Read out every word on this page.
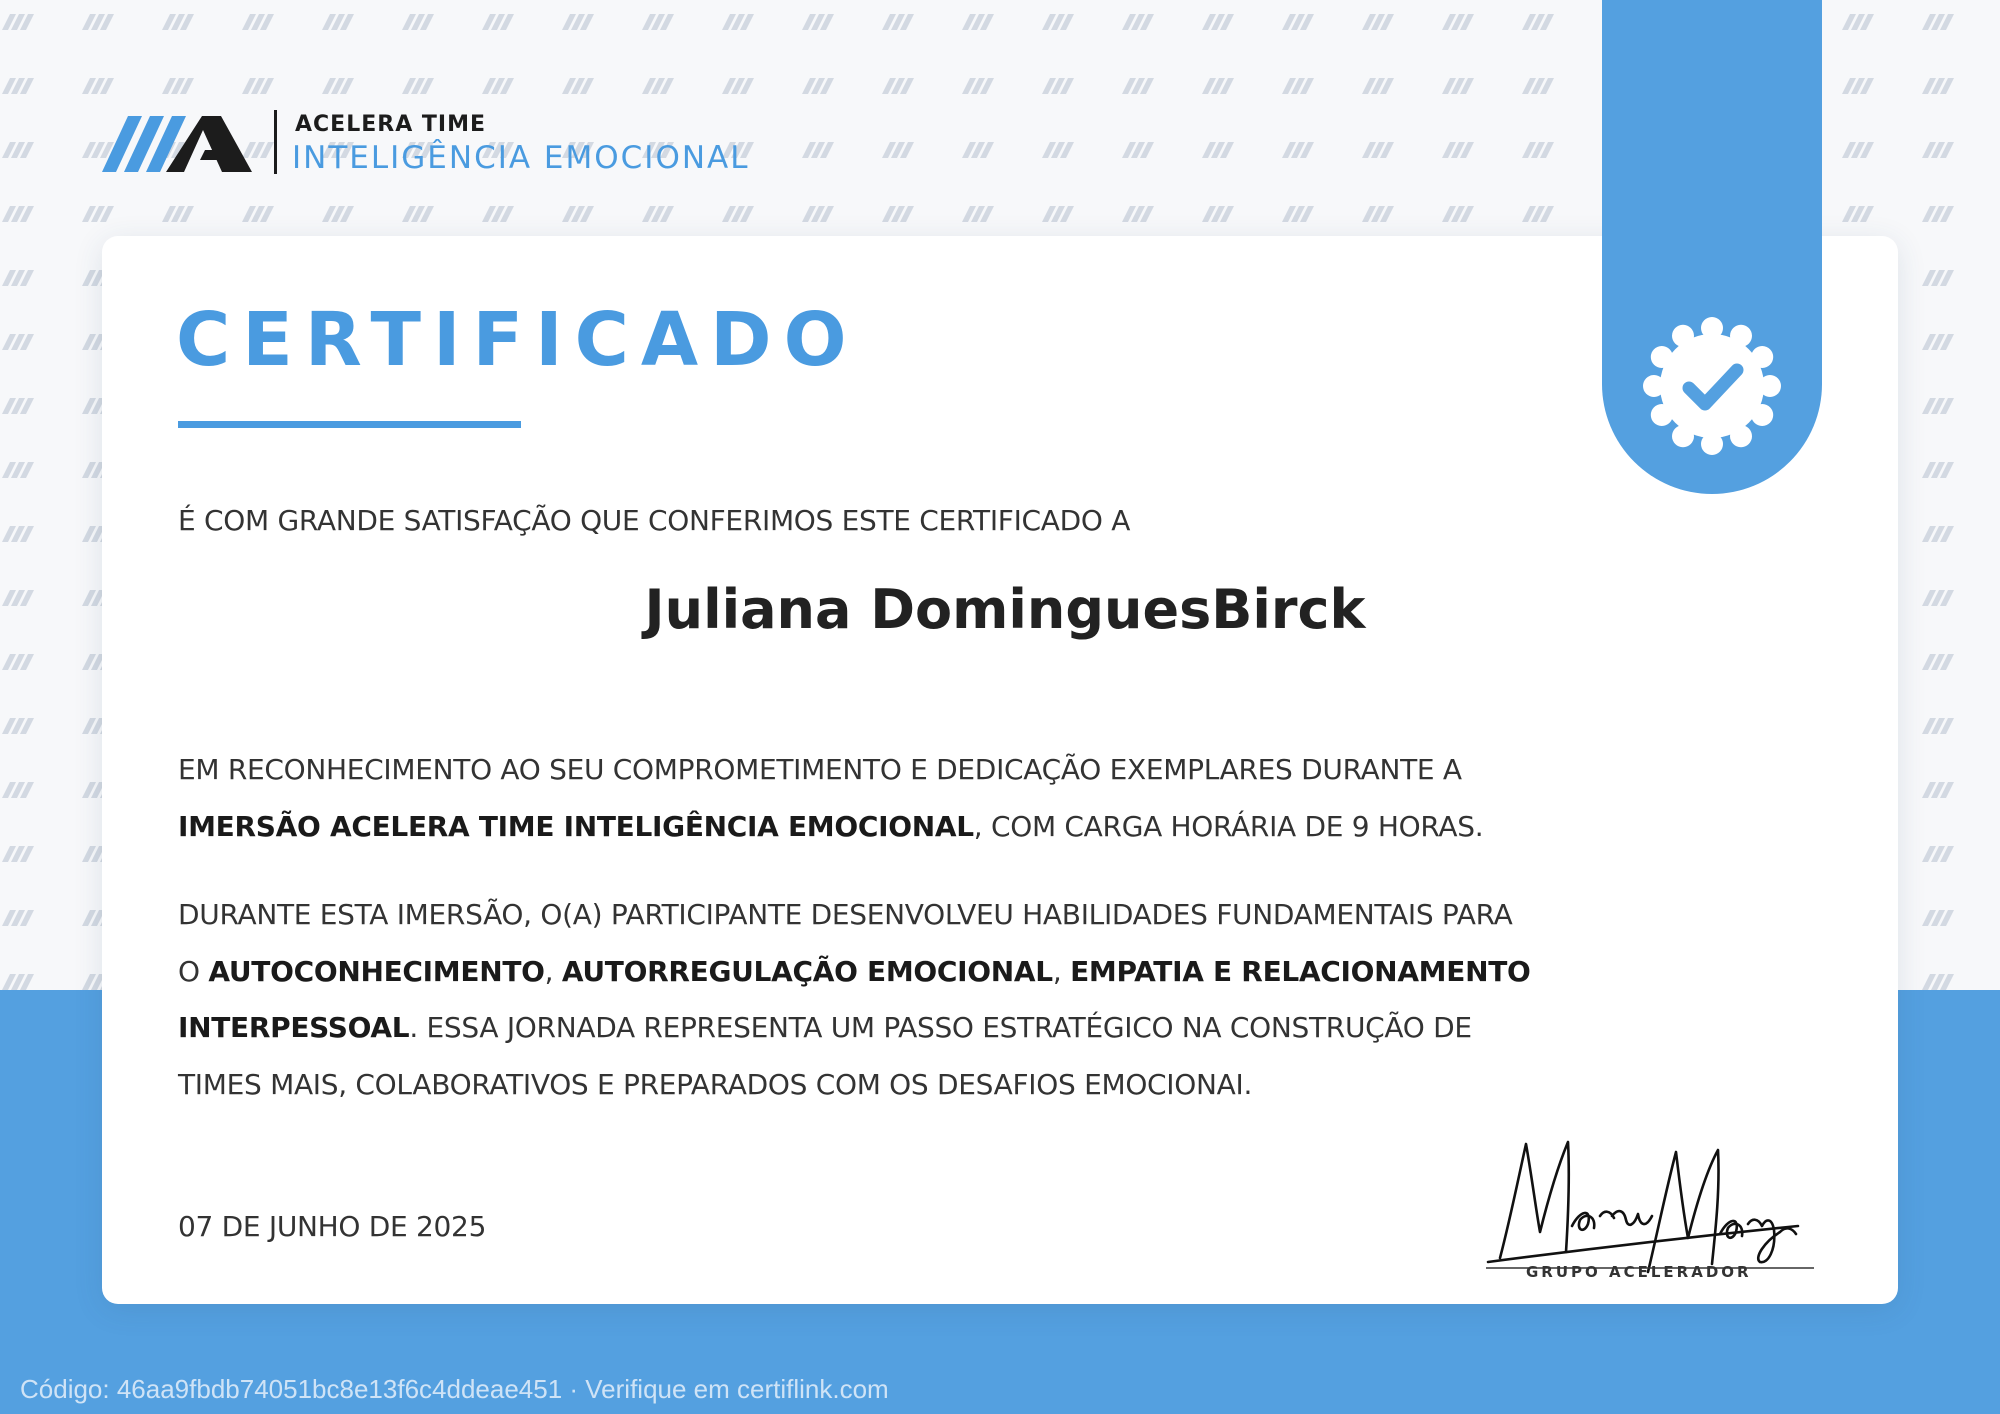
ACELERA TIME
INTELIGÊNCIA EMOCIONAL
CERTIFICADO
É COM GRANDE SATISFAÇÃO QUE CONFERIMOS ESTE CERTIFICADO A
Juliana DominguesBirck
EM RECONHECIMENTO AO SEU COMPROMETIMENTO E DEDICAÇÃO EXEMPLARES DURANTE A
IMERSÃO ACELERA TIME INTELIGÊNCIA EMOCIONAL, COM CARGA HORÁRIA DE 9 HORAS.
DURANTE ESTA IMERSÃO, O(A) PARTICIPANTE DESENVOLVEU HABILIDADES FUNDAMENTAIS PARA
O AUTOCONHECIMENTO, AUTORREGULAÇÃO EMOCIONAL, EMPATIA E RELACIONAMENTO
INTERPESSOAL. ESSA JORNADA REPRESENTA UM PASSO ESTRATÉGICO NA CONSTRUÇÃO DE
TIMES MAIS, COLABORATIVOS E PREPARADOS COM OS DESAFIOS EMOCIONAI.
07 DE JUNHO DE 2025
GRUPO ACELERADOR
Código: 46aa9fbdb74051bc8e13f6c4ddeae451 · Verifique em certiflink.com
